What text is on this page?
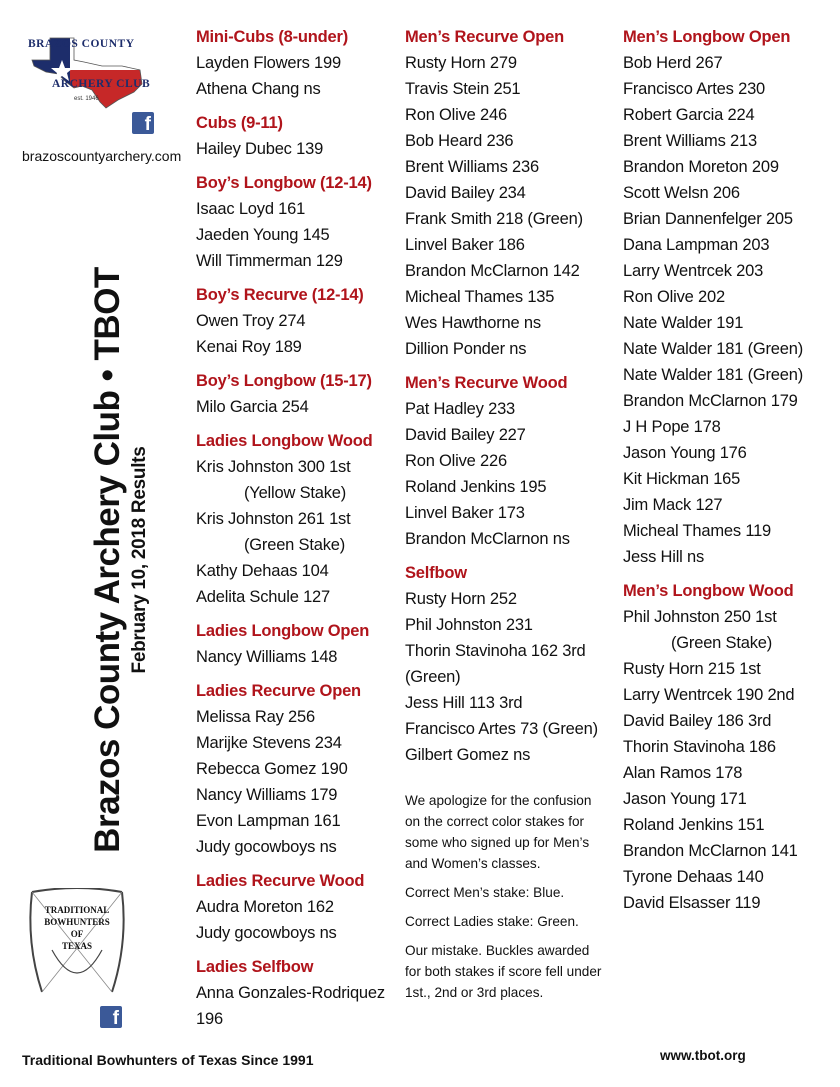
BRAZOS COUNTY
ARCHERY CLUB
est. 1946
f
brazoscountyarchery.com
Brazos County Archery Club • TBOT February 10, 2018 Results
TRADITIONAL
BOWHUNTERS
OF
TEXAS
f
Traditional Bowhunters of Texas Since 1991	www.tbot.org
Mini-Cubs (8-under)
Layden Flowers 199
Athena Chang ns
Cubs (9-11)
Hailey Dubec 139
Boy’s Longbow (12-14)
Isaac Loyd 161
Jaeden Young 145
Will Timmerman 129
Boy’s Recurve (12-14)
Owen Troy 274
Kenai Roy 189
Boy’s Longbow (15-17)
Milo Garcia 254
Ladies Longbow Wood
Kris Johnston 300 1st
(Yellow Stake)
Kris Johnston 261 1st
(Green Stake)
Kathy Dehaas 104
Adelita Schule 127
Ladies Longbow Open
Nancy Williams 148
Ladies Recurve Open
Melissa Ray 256
Marijke Stevens 234
Rebecca Gomez 190
Nancy Williams 179
Evon Lampman 161
Judy gocowboys ns
Ladies Recurve Wood
Audra Moreton 162
Judy gocowboys ns
Ladies Selfbow
Anna Gonzales-Rodriquez
196
Men’s Recurve Open
Rusty Horn 279
Travis Stein 251
Ron Olive 246
Bob Heard 236
Brent Williams 236
David Bailey 234
Frank Smith 218 (Green)
Linvel Baker 186
Brandon McClarnon 142
Micheal Thames 135
Wes Hawthorne ns
Dillion Ponder ns
Men’s Recurve Wood
Pat Hadley 233
David Bailey 227
Ron Olive 226
Roland Jenkins 195
Linvel Baker 173
Brandon McClarnon ns
Selfbow
Rusty Horn 252
Phil Johnston 231
Thorin Stavinoha 162 3rd
(Green)
Jess Hill 113 3rd
Francisco Artes 73 (Green)
Gilbert Gomez ns
We apologize for the confusion on the correct color stakes for some who signed up for Men’s and Women’s classes.
Correct Men’s stake: Blue.
Correct Ladies stake: Green.
Our mistake. Buckles awarded for both stakes if score fell under 1st., 2nd or 3rd places.
Men’s Longbow Open
Bob Herd 267
Francisco Artes 230
Robert Garcia 224
Brent Williams 213
Brandon Moreton 209
Scott Welsn 206
Brian Dannenfelger 205
Dana Lampman 203
Larry Wentrcek 203
Ron Olive 202
Nate Walder 191
Nate Walder 181 (Green)
Nate Walder 181 (Green)
Brandon McClarnon 179
J H Pope 178
Jason Young 176
Kit Hickman 165
Jim Mack 127
Micheal Thames 119
Jess Hill ns
Men’s Longbow Wood
Phil Johnston 250 1st
(Green Stake)
Rusty Horn 215 1st
Larry Wentrcek 190 2nd
David Bailey 186 3rd
Thorin Stavinoha 186
Alan Ramos 178
Jason Young 171
Roland Jenkins 151
Brandon McClarnon 141
Tyrone Dehaas 140
David Elsasser 119
